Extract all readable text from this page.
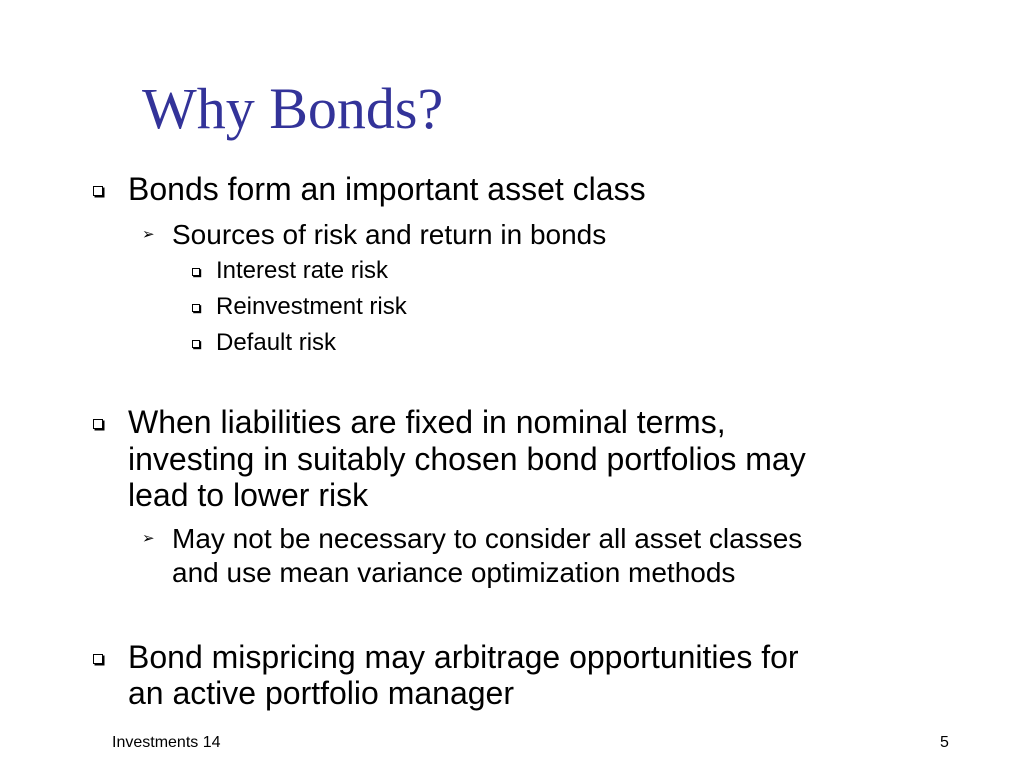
Why Bonds?
Bonds form an important asset class
➢ Sources of risk and return in bonds
Interest rate risk
Reinvestment risk
Default risk
When liabilities are fixed in nominal terms,
investing in suitably chosen bond portfolios may
lead to lower risk
➢ May not be necessary to consider all asset classes
and use mean variance optimization methods
Bond mispricing may arbitrage opportunities for
an active portfolio manager
Investments 14	5
